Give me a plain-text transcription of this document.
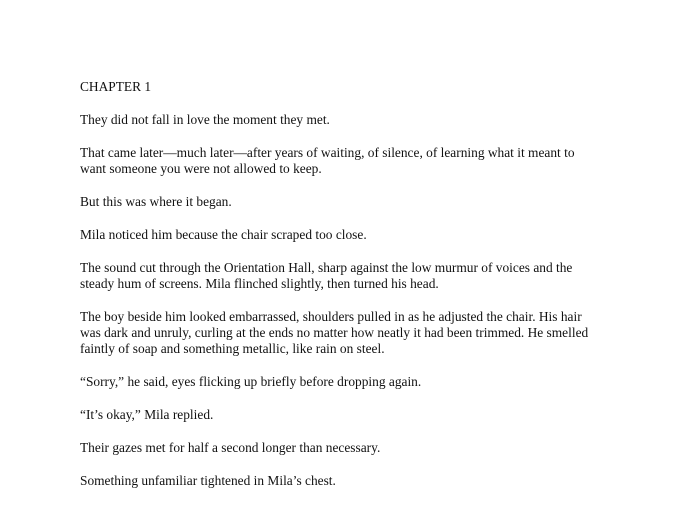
CHAPTER 1

They did not fall in love the moment they met.

That came later—much later—after years of waiting, of silence, of learning what it meant to want someone you were not allowed to keep.

But this was where it began.

Mila noticed him because the chair scraped too close.

The sound cut through the Orientation Hall, sharp against the low murmur of voices and the steady hum of screens. Mila flinched slightly, then turned his head.

The boy beside him looked embarrassed, shoulders pulled in as he adjusted the chair. His hair was dark and unruly, curling at the ends no matter how neatly it had been trimmed. He smelled faintly of soap and something metallic, like rain on steel.

“Sorry,” he said, eyes flicking up briefly before dropping again.

“It’s okay,” Mila replied.

Their gazes met for half a second longer than necessary.

Something unfamiliar tightened in Mila’s chest.
